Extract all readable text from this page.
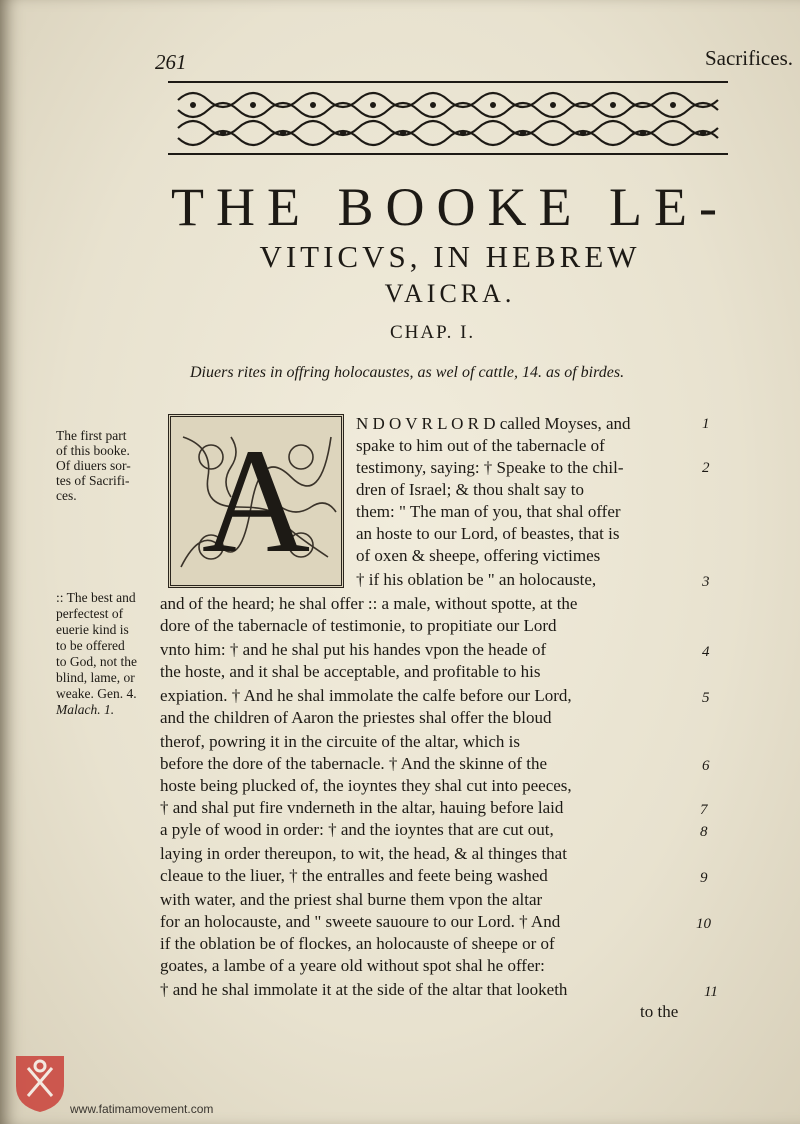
261	Sacrifices.
THE BOOKE LE-
VITICVS, IN HEBREW
VAICRA.
CHAP. I.
Diuers rites in offring holocaustes, as wel of cattle, 14. as of birdes.
A
The first part
of this booke.
Of diuers sor-
tes of Sacrifi-
ces.
:: The best and
perfectest of
euerie kind is
to be offered
to God, not the
blind, lame, or
weake. Gen. 4.
Malach. 1.
N D O V R L O R D called Moyses, and
spake to him out of the tabernacle of
testimony, saying: † Speake to the chil-
dren of Israel; & thou shalt say to
them: " The man of you, that shal offer
an hoste to our Lord, of beastes, that is
of oxen & sheepe, offering victimes
† if his oblation be " an holocauste,
and of the heard; he shal offer :: a male, without spotte, at the
dore of the tabernacle of testimonie, to propitiate our Lord
vnto him: † and he shal put his handes vpon the heade of
the hoste, and it shal be acceptable, and profitable to his
expiation. † And he shal immolate the calfe before our Lord,
and the children of Aaron the priestes shal offer the bloud
therof, powring it in the circuite of the altar, which is
before the dore of the tabernacle. † And the skinne of the
hoste being plucked of, the ioyntes they shal cut into peeces,
† and shal put fire vnderneth in the altar, hauing before laid
a pyle of wood in order: † and the ioyntes that are cut out,
laying in order thereupon, to wit, the head, & al thinges that
cleaue to the liuer, † the entralles and feete being washed
with water, and the priest shal burne them vpon the altar
for an holocauste, and " sweete sauoure to our Lord. † And
if the oblation be of flockes, an holocauste of sheepe or of
goates, a lambe of a yeare old without spot shal he offer:
† and he shal immolate it at the side of the altar that looketh
to the
1
2
3
4
5
6
7
8
9
10
11
www.fatimamovement.com
